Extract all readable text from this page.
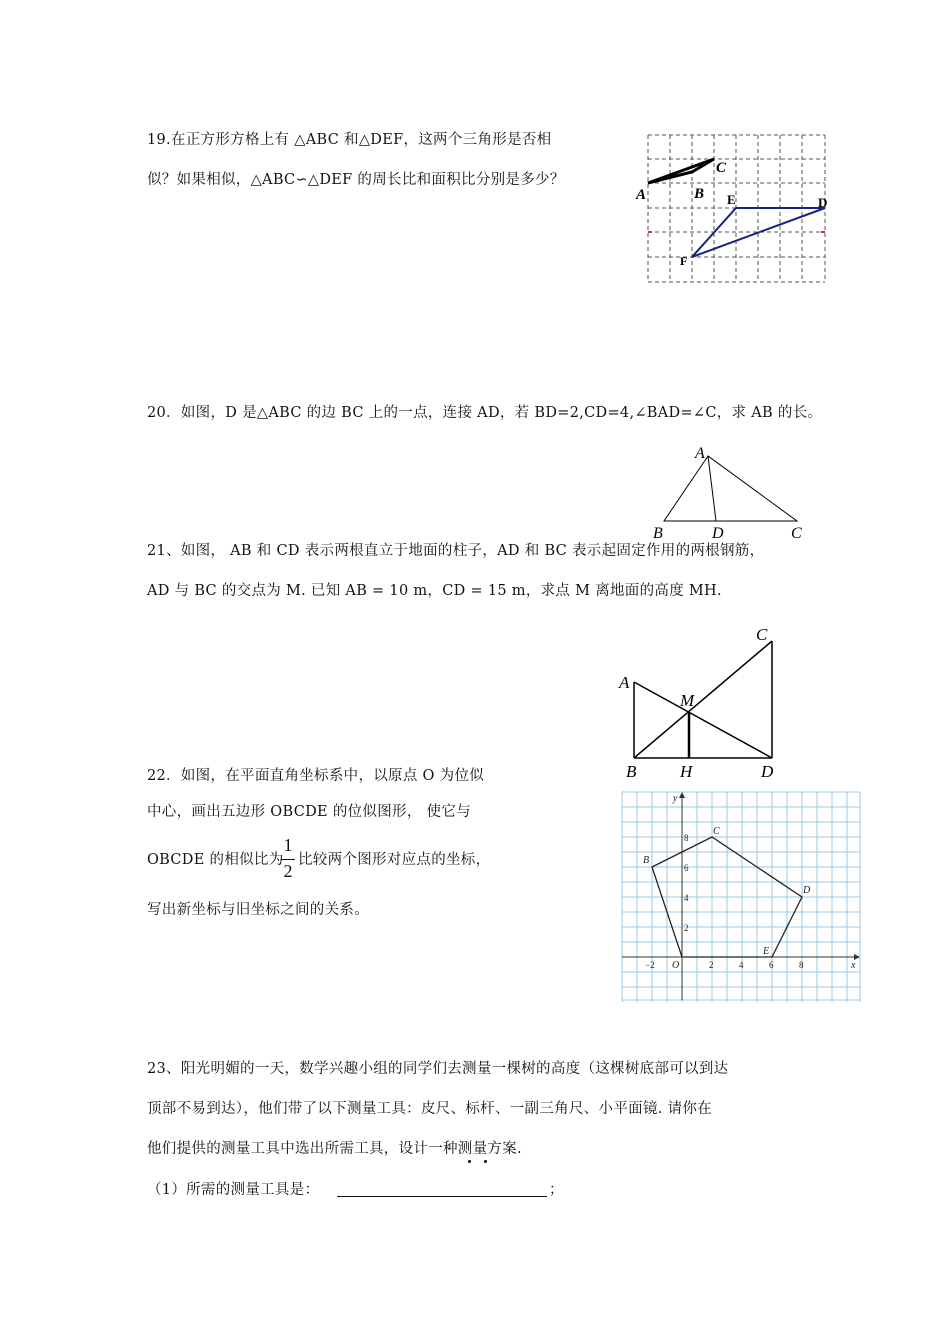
19.在正方形方格上有 △ABC 和△DEF，这两个三角形是否相
似？如果相似，△ABC∽△DEF 的周长比和面积比分别是多少？
A	B
C
E	D
F
20．如图，D 是△ABC 的边 BC 上的一点，连接 AD，若 BD=2,CD=4,∠BAD=∠C，求 AB 的长。
A
B	D	C
21、如图， AB 和 CD 表示两根直立于地面的柱子，AD 和 BC 表示起固定作用的两根钢筋，
AD 与 BC 的交点为 M. 已知 AB = 10 m，CD = 15 m，求点 M 离地面的高度 MH.
A
C
M
B	H	D
22．如图，在平面直角坐标系中，以原点 O 为位似
中心，画出五边形 OBCDE 的位似图形， 使它与
OBCDE 的相似比为
1
2
比较两个图形对应点的坐标，
写出新坐标与旧坐标之间的关系。
−2	2	4	6	8
2
4
6
8
O
B
C
D
E
x
y
23、阳光明媚的一天，数学兴趣小组的同学们去测量一棵树的高度（这棵树底部可以到达
顶部不易到达），他们带了以下测量工具：皮尺、标杆、一副三角尺、小平面镜. 请你在
他们提供的测量工具中选出所需工具，设计一种测量方案.
（1）所需的测量工具是：	；
